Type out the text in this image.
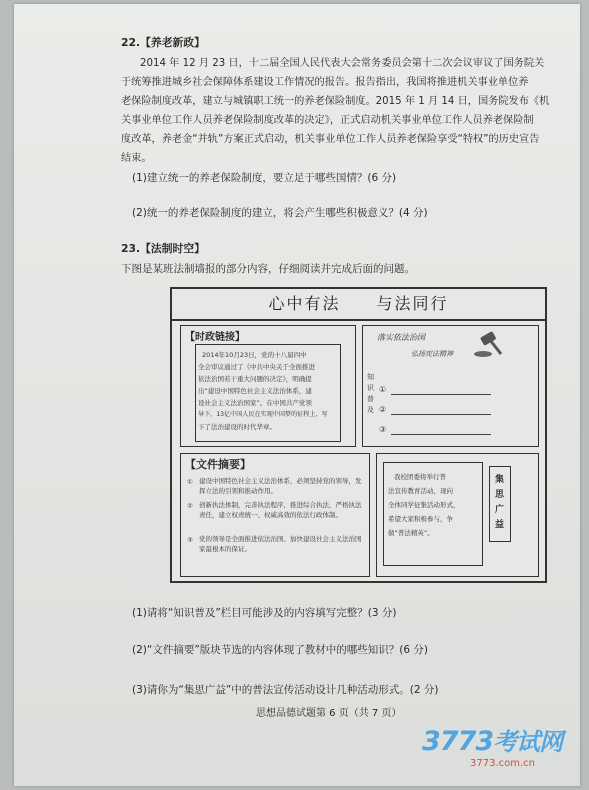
22.【养老新政】
2014 年 12 月 23 日，十二届全国人民代表大会常务委员会第十二次会议审议了国务院关
于统筹推进城乡社会保障体系建设工作情况的报告。报告指出，我国将推进机关事业单位养
老保险制度改革，建立与城镇职工统一的养老保险制度。2015 年 1 月 14 日，国务院发布《机
关事业单位工作人员养老保险制度改革的决定》，正式启动机关事业单位工作人员养老保险制
度改革，养老金“并轨”方案正式启动，机关事业单位工作人员养老保险享受“特权”的历史宣告
结束。
(1)建立统一的养老保险制度，要立足于哪些国情？(6 分)
(2)统一的养老保险制度的建立，将会产生哪些积极意义？(4 分)
23.【法制时空】
下图是某班法制墙报的部分内容，仔细阅读并完成后面的问题。
心中有法　　与法同行
【时政链接】
2014年10月23日，党的十八届四中
全会审议通过了《中共中央关于全面推进
依法治国若干重大问题的决定》，明确提
出“建设中国特色社会主义法治体系，建
设社会主义法治国家”。在中国共产党领
导下，13亿中国人民在实现中国梦的征程上，写
下了法治建设的时代华章。
落实依法治国
弘扬宪法精神
知识普及
①
②
③
【文件摘要】
① 建设中国特色社会主义法治体系，必须坚持党的领导，发挥立法的引领和推动作用。
② 创新执法体制，完善执法程序，推进综合执法，严格执法责任，建立权责统一、权威高效的依法行政体制。
③ 党的领导是全面推进依法治国、加快建设社会主义法治国家最根本的保证。
我校团委将举行普
法宣传教育活动，现向
全体同学征集活动形式，
希望大家积极参与，争
做“普法精英”。
集思广益
(1)请将“知识普及”栏目可能涉及的内容填写完整？(3 分)
(2)“文件摘要”版块节选的内容体现了教材中的哪些知识？(6 分)
(3)请你为“集思广益”中的普法宣传活动设计几种活动形式。(2 分)
思想品德试题第 6 页（共 7 页）
3773考试网
3773.com.cn
